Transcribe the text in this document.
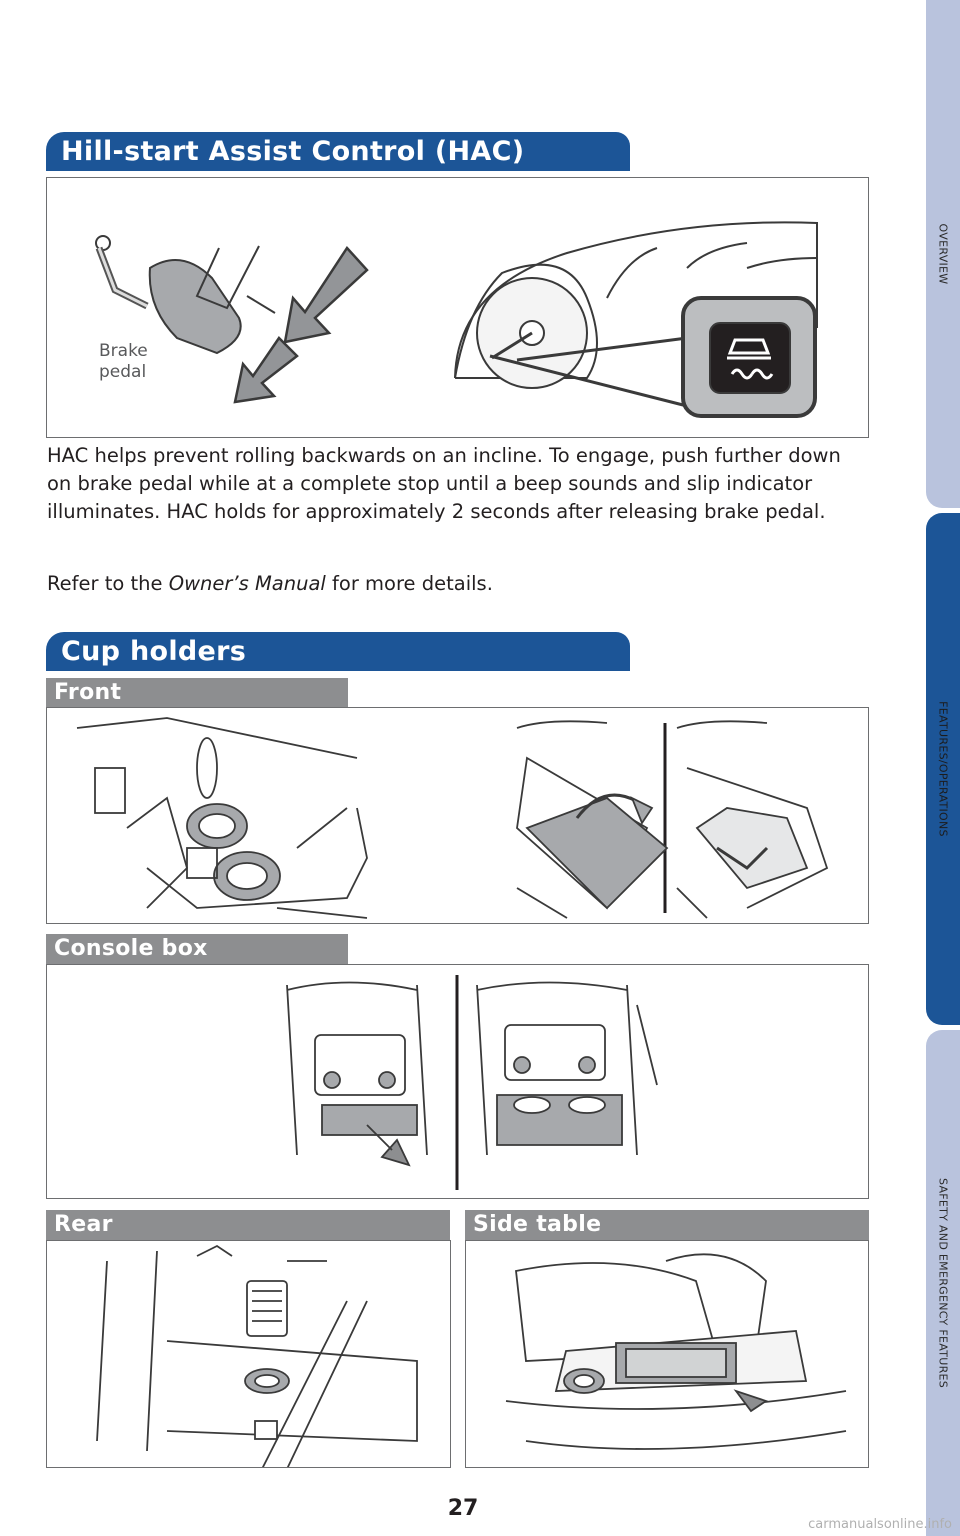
OVERVIEW
FEATURES/OPERATIONS
SAFETY AND EMERGENCY FEATURES
Hill-start Assist Control (HAC)
Brake
pedal

HAC helps prevent rolling backwards on an incline. To engage, push further down on brake pedal while at a complete stop until a beep sounds and slip indicator illuminates. HAC holds for approximately 2 seconds after releasing brake pedal.

Refer to the Owner’s Manual for more details.

Cup holders
Front
Console box
Rear	Side table
27
carmanualsonline.info
